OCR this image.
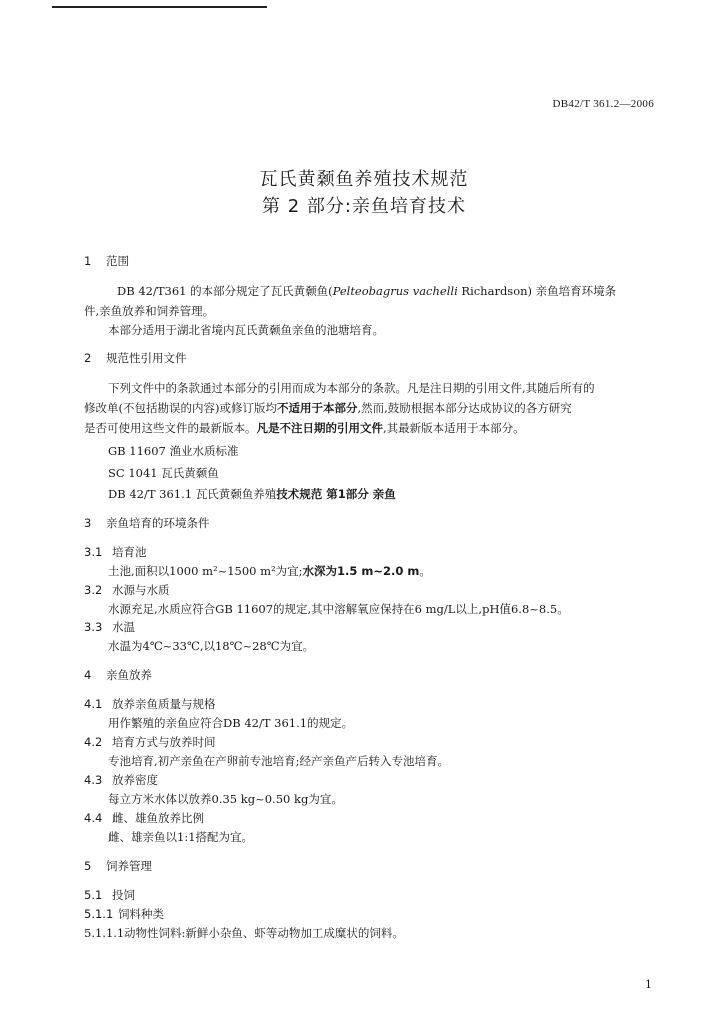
DB42/T 361.2—2006
瓦氏黄颡鱼养殖技术规范
第 2 部分:亲鱼培育技术
1 范围
DB 42/T361 的本部分规定了瓦氏黄颡鱼(Pelteobagrus vachelli Richardson) 亲鱼培育环境条
件,亲鱼放养和饲养管理。
本部分适用于湖北省境内瓦氏黄颡鱼亲鱼的池塘培育。
2 规范性引用文件
下列文件中的条款通过本部分的引用而成为本部分的条款。凡是注日期的引用文件,其随后所有的
修改单(不包括勘误的内容)或修订版均不适用于本部分,然而,鼓励根据本部分达成协议的各方研究
是否可使用这些文件的最新版本。凡是不注日期的引用文件,其最新版本适用于本部分。
GB 11607 渔业水质标准
SC 1041 瓦氏黄颡鱼
DB 42/T 361.1 瓦氏黄颡鱼养殖技术规范 第1部分 亲鱼
3 亲鱼培育的环境条件
3.1 培育池
土池,面积以1000 m²~1500 m²为宜;水深为1.5 m~2.0 m。
3.2 水源与水质
水源充足,水质应符合GB 11607的规定,其中溶解氧应保持在6 mg/L以上,pH值6.8~8.5。
3.3 水温
水温为4℃~33℃,以18℃~28℃为宜。
4 亲鱼放养
4.1 放养亲鱼质量与规格
用作繁殖的亲鱼应符合DB 42/T 361.1的规定。
4.2 培育方式与放养时间
专池培育,初产亲鱼在产卵前专池培育;经产亲鱼产后转入专池培育。
4.3 放养密度
每立方米水体以放养0.35 kg~0.50 kg为宜。
4.4 雌、雄鱼放养比例
雌、雄亲鱼以1:1搭配为宜。
5 饲养管理
5.1 投饲
5.1.1 饲料种类
5.1.1.1动物性饲料:新鲜小杂鱼、虾等动物加工成糜状的饲料。
1
